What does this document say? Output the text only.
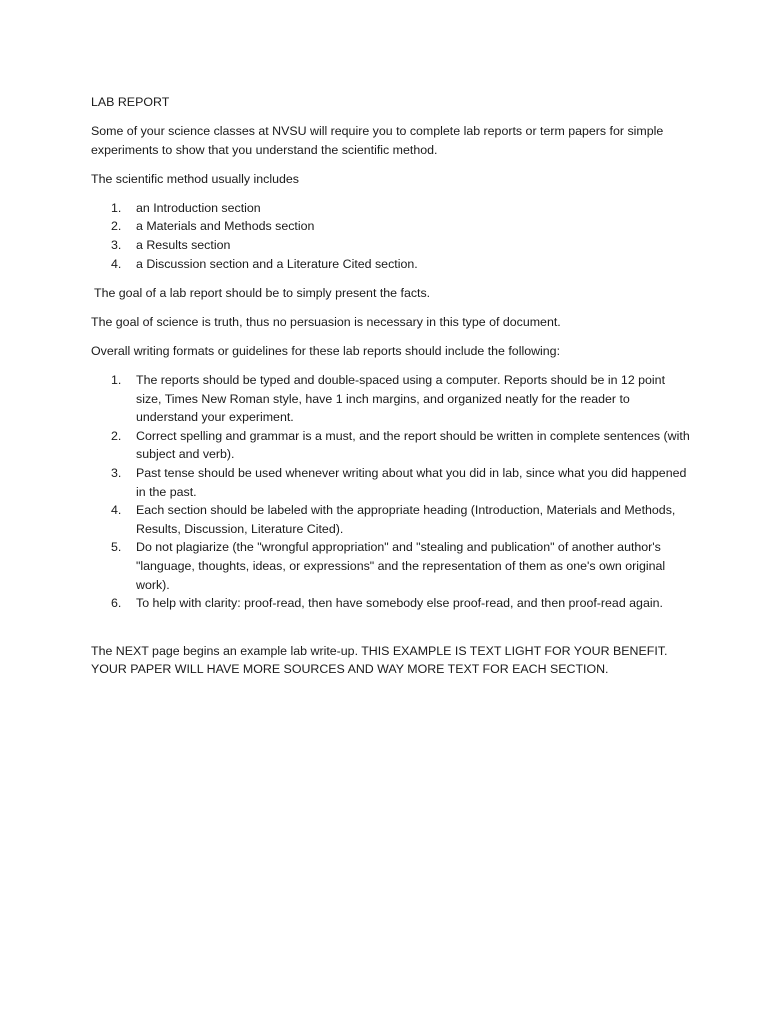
LAB REPORT

Some of your science classes at NVSU will require you to complete lab reports or term papers for simple experiments to show that you understand the scientific method.

The scientific method usually includes

1. an Introduction section
2. a Materials and Methods section
3. a Results section
4. a Discussion section and a Literature Cited section.

The goal of a lab report should be to simply present the facts.

The goal of science is truth, thus no persuasion is necessary in this type of document.

Overall writing formats or guidelines for these lab reports should include the following:

1. The reports should be typed and double-spaced using a computer. Reports should be in 12 point size, Times New Roman style, have 1 inch margins, and organized neatly for the reader to understand your experiment.
2. Correct spelling and grammar is a must, and the report should be written in complete sentences (with subject and verb).
3. Past tense should be used whenever writing about what you did in lab, since what you did happened in the past.
4. Each section should be labeled with the appropriate heading (Introduction, Materials and Methods, Results, Discussion, Literature Cited).
5. Do not plagiarize (the "wrongful appropriation" and "stealing and publication" of another author's "language, thoughts, ideas, or expressions" and the representation of them as one's own original work).
6. To help with clarity: proof-read, then have somebody else proof-read, and then proof-read again.

The NEXT page begins an example lab write-up. THIS EXAMPLE IS TEXT LIGHT FOR YOUR BENEFIT. YOUR PAPER WILL HAVE MORE SOURCES AND WAY MORE TEXT FOR EACH SECTION.
